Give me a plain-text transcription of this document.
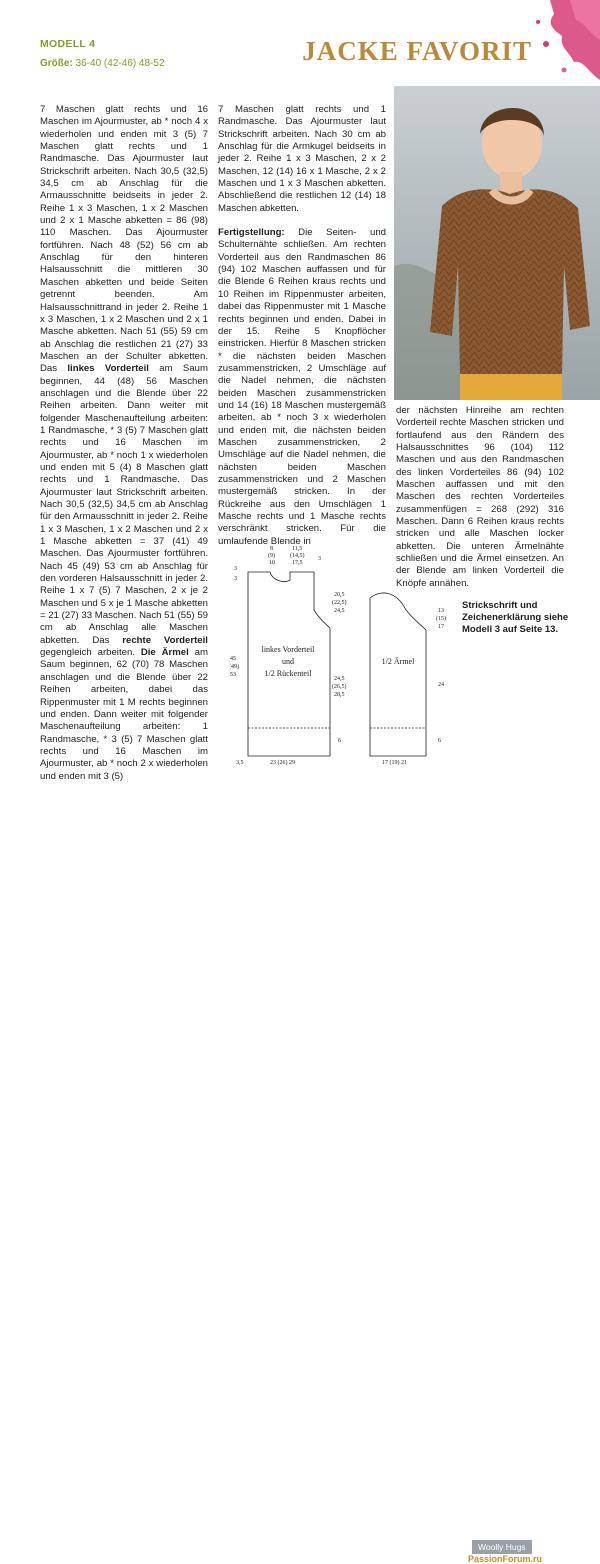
MODELL 4
Größe: 36-40 (42-46) 48-52	JACKE FAVORIT

7 Maschen glatt rechts und 16 Maschen im Ajourmuster, ab * noch 4 x wiederholen und enden mit 3 (5) 7 Maschen glatt rechts und 1 Randmasche. Das Ajourmuster laut Strickschrift arbeiten. Nach 30,5 (32,5) 34,5 cm ab Anschlag für die Armausschnitte beidseits in jeder 2. Reihe 1 x 3 Maschen, 1 x 2 Maschen und 2 x 1 Masche abketten = 86 (98) 110 Maschen. Das Ajourmuster fortführen. Nach 48 (52) 56 cm ab Anschlag für den hinteren Halsausschnitt die mittleren 30 Maschen abketten und beide Seiten getrennt beenden. Am Halsausschnittrand in jeder 2. Reihe 1 x 3 Maschen, 1 x 2 Maschen und 2 x 1 Masche abketten. Nach 51 (55) 59 cm ab Anschlag die restlichen 21 (27) 33 Maschen an der Schulter abketten. Das linkes Vorderteil am Saum beginnen, 44 (48) 56 Maschen anschlagen und die Blende über 22 Reihen arbeiten. Dann weiter mit folgender Maschenaufteilung arbeiten: 1 Randmasche, * 3 (5) 7 Maschen glatt rechts und 16 Maschen im Ajourmuster, ab * noch 1 x wiederholen und enden mit 5 (4) 8 Maschen glatt rechts und 1 Randmasche. Das Ajourmuster laut Strickschrift arbeiten. Nach 30,5 (32,5) 34,5 cm ab Anschlag für den Armausschnitt in jeder 2. Reihe 1 x 3 Maschen, 1 x 2 Maschen und 2 x 1 Masche abketten = 37 (41) 49 Maschen. Das Ajourmuster fortführen. Nach 45 (49) 53 cm ab Anschlag für den vorderen Halsausschnitt in jeder 2. Reihe 1 x 7 (5) 7 Maschen, 2 x je 2 Maschen und 5 x je 1 Masche abketten = 21 (27) 33 Maschen. Nach 51 (55) 59 cm ab Anschlag alle Maschen abketten. Das rechte Vorderteil gegengleich arbeiten. Die Ärmel am Saum beginnen, 62 (70) 78 Maschen anschlagen und die Blende über 22 Reihen arbeiten, dabei das Rippenmuster mit 1 M rechts beginnen und enden. Dann weiter mit folgender Maschenaufteilung arbeiten: 1 Randmasche, * 3 (5) 7 Maschen glatt rechts und 16 Maschen im Ajourmuster, ab * noch 2 x wiederholen und enden mit 3 (5)

7 Maschen glatt rechts und 1 Randmasche. Das Ajourmuster laut Strickschrift arbeiten. Nach 30 cm ab Anschlag für die Armkugel beidseits in jeder 2. Reihe 1 x 3 Maschen, 2 x 2 Maschen, 12 (14) 16 x 1 Masche, 2 x 2 Maschen und 1 x 3 Maschen abketten. Abschließend die restlichen 12 (14) 18 Maschen abketten.

Fertigstellung: Die Seiten- und Schulternähte schließen. Am rechten Vorderteil aus den Randmaschen 86 (94) 102 Maschen auffassen und für die Blende 6 Reihen kraus rechts und 10 Reihen im Rippenmuster arbeiten, dabei das Rippenmuster mit 1 Masche rechts beginnen und enden. Dabei in der 15. Reihe 5 Knopflöcher einstricken. Hierfür 8 Maschen stricken * die nächsten beiden Maschen zusammenstricken, 2 Umschläge auf die Nadel nehmen, die nächsten beiden Maschen zusammenstricken und 14 (16) 18 Maschen mustergemäß arbeiten, ab * noch 3 x wiederholen und enden mit, die nächsten beiden Maschen zusammenstricken, 2 Umschläge auf die Nadel nehmen, die nächsten beiden Maschen zusammenstricken und 2 Maschen mustergemäß stricken. In der Rückreihe aus den Umschlägen 1 Masche rechts und 1 Masche rechts verschränkt stricken. Für die umlaufende Blende in

der nächsten Hinreihe am rechten Vorderteil rechte Maschen stricken und fortlaufend aus den Rändern des Halsausschnittes 96 (104) 112 Maschen und aus den Randmaschen des linken Vorderteiles 86 (94) 102 Maschen auffassen und mit den Maschen des rechten Vorderteiles zusammenfügen = 268 (292) 316 Maschen. Dann 6 Reihen kraus rechts stricken und alle Maschen locker abketten. Die unteren Ärmelnähte schließen und die Ärmel einsetzen. An der Blende am linken Vorderteil die Knöpfe annähen.
Strickschrift und Zeichenerklärung siehe Modell 3 auf Seite 13.
8
(9)
10
11,5
(14,5)
17,5
3
3
3
45
(49)
53
20,5
(22,5)
24,5
24,5
(26,5)
28,5
6
3,5	23 (26) 29
13
(15)
17
24
6
17 (19) 21
linkes Vorderteil
und
1/2 Rückenteil
1/2 Ärmel
Woolly Hugs	15
PassionForum.ru
